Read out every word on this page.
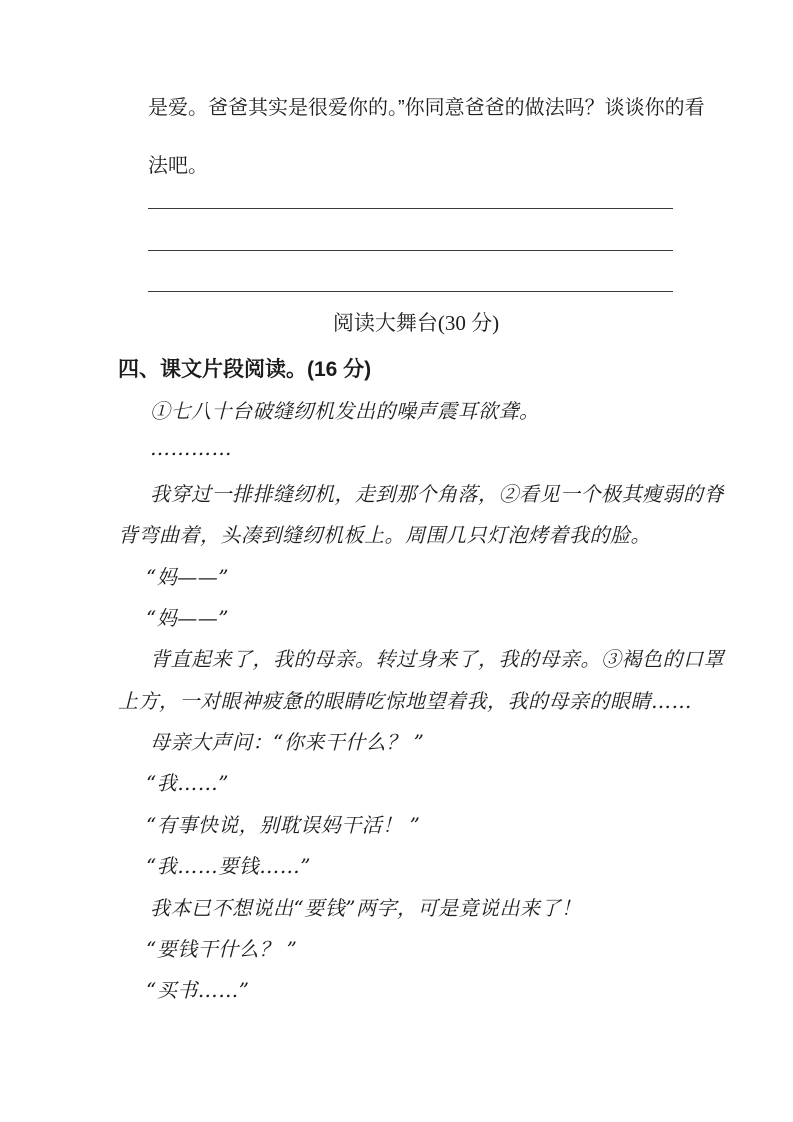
是爱。爸爸其实是很爱你的。”你同意爸爸的做法吗？谈谈你的看
法吧。
阅读大舞台(30 分)
四、课文片段阅读。(16 分)
①七八十台破缝纫机发出的噪声震耳欲聋。
…………
我穿过一排排缝纫机，走到那个角落，②看见一个极其瘦弱的脊
背弯曲着，头凑到缝纫机板上。周围几只灯泡烤着我的脸。
“妈——”
“妈——”
背直起来了，我的母亲。转过身来了，我的母亲。③褐色的口罩
上方，一对眼神疲惫的眼睛吃惊地望着我，我的母亲的眼睛……
母亲大声问：“你来干什么？ ”
“我……”
“有事快说，别耽误妈干活！ ”
“我……要钱……”
我本已不想说出“要钱”两字，可是竟说出来了！
“要钱干什么？ ”
“买书……”
